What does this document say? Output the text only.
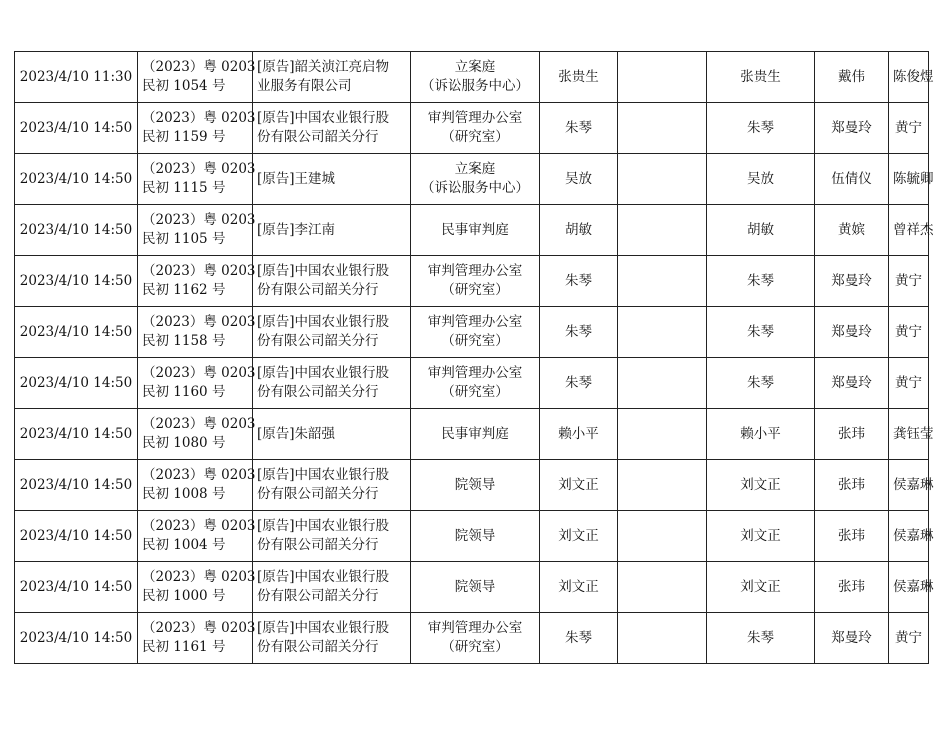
2023/4/10 11:30	（2023）粤 0203
民初 1054 号	[原告]韶关浈江亮启物
业服务有限公司	立案庭
（诉讼服务中心）	张贵生		张贵生	戴伟	陈俊煜

2023/4/10 14:50	（2023）粤 0203
民初 1159 号	[原告]中国农业银行股
份有限公司韶关分行	审判管理办公室
（研究室）	朱琴		朱琴	郑曼玲	黄宁

2023/4/10 14:50	（2023）粤 0203
民初 1115 号	[原告]王建城	立案庭
（诉讼服务中心）	吴放		吴放	伍倩仪	陈毓卿

2023/4/10 14:50	（2023）粤 0203
民初 1105 号	[原告]李江南	民事审判庭	胡敏		胡敏	黄嫔	曾祥杰

2023/4/10 14:50	（2023）粤 0203
民初 1162 号	[原告]中国农业银行股
份有限公司韶关分行	审判管理办公室
（研究室）	朱琴		朱琴	郑曼玲	黄宁

2023/4/10 14:50	（2023）粤 0203
民初 1158 号	[原告]中国农业银行股
份有限公司韶关分行	审判管理办公室
（研究室）	朱琴		朱琴	郑曼玲	黄宁

2023/4/10 14:50	（2023）粤 0203
民初 1160 号	[原告]中国农业银行股
份有限公司韶关分行	审判管理办公室
（研究室）	朱琴		朱琴	郑曼玲	黄宁

2023/4/10 14:50	（2023）粤 0203
民初 1080 号	[原告]朱韶强	民事审判庭	赖小平		赖小平	张玮	龚钰莹

2023/4/10 14:50	（2023）粤 0203
民初 1008 号	[原告]中国农业银行股
份有限公司韶关分行	院领导	刘文正		刘文正	张玮	侯嘉琳

2023/4/10 14:50	（2023）粤 0203
民初 1004 号	[原告]中国农业银行股
份有限公司韶关分行	院领导	刘文正		刘文正	张玮	侯嘉琳

2023/4/10 14:50	（2023）粤 0203
民初 1000 号	[原告]中国农业银行股
份有限公司韶关分行	院领导	刘文正		刘文正	张玮	侯嘉琳

2023/4/10 14:50	（2023）粤 0203
民初 1161 号	[原告]中国农业银行股
份有限公司韶关分行	审判管理办公室
（研究室）	朱琴		朱琴	郑曼玲	黄宁
